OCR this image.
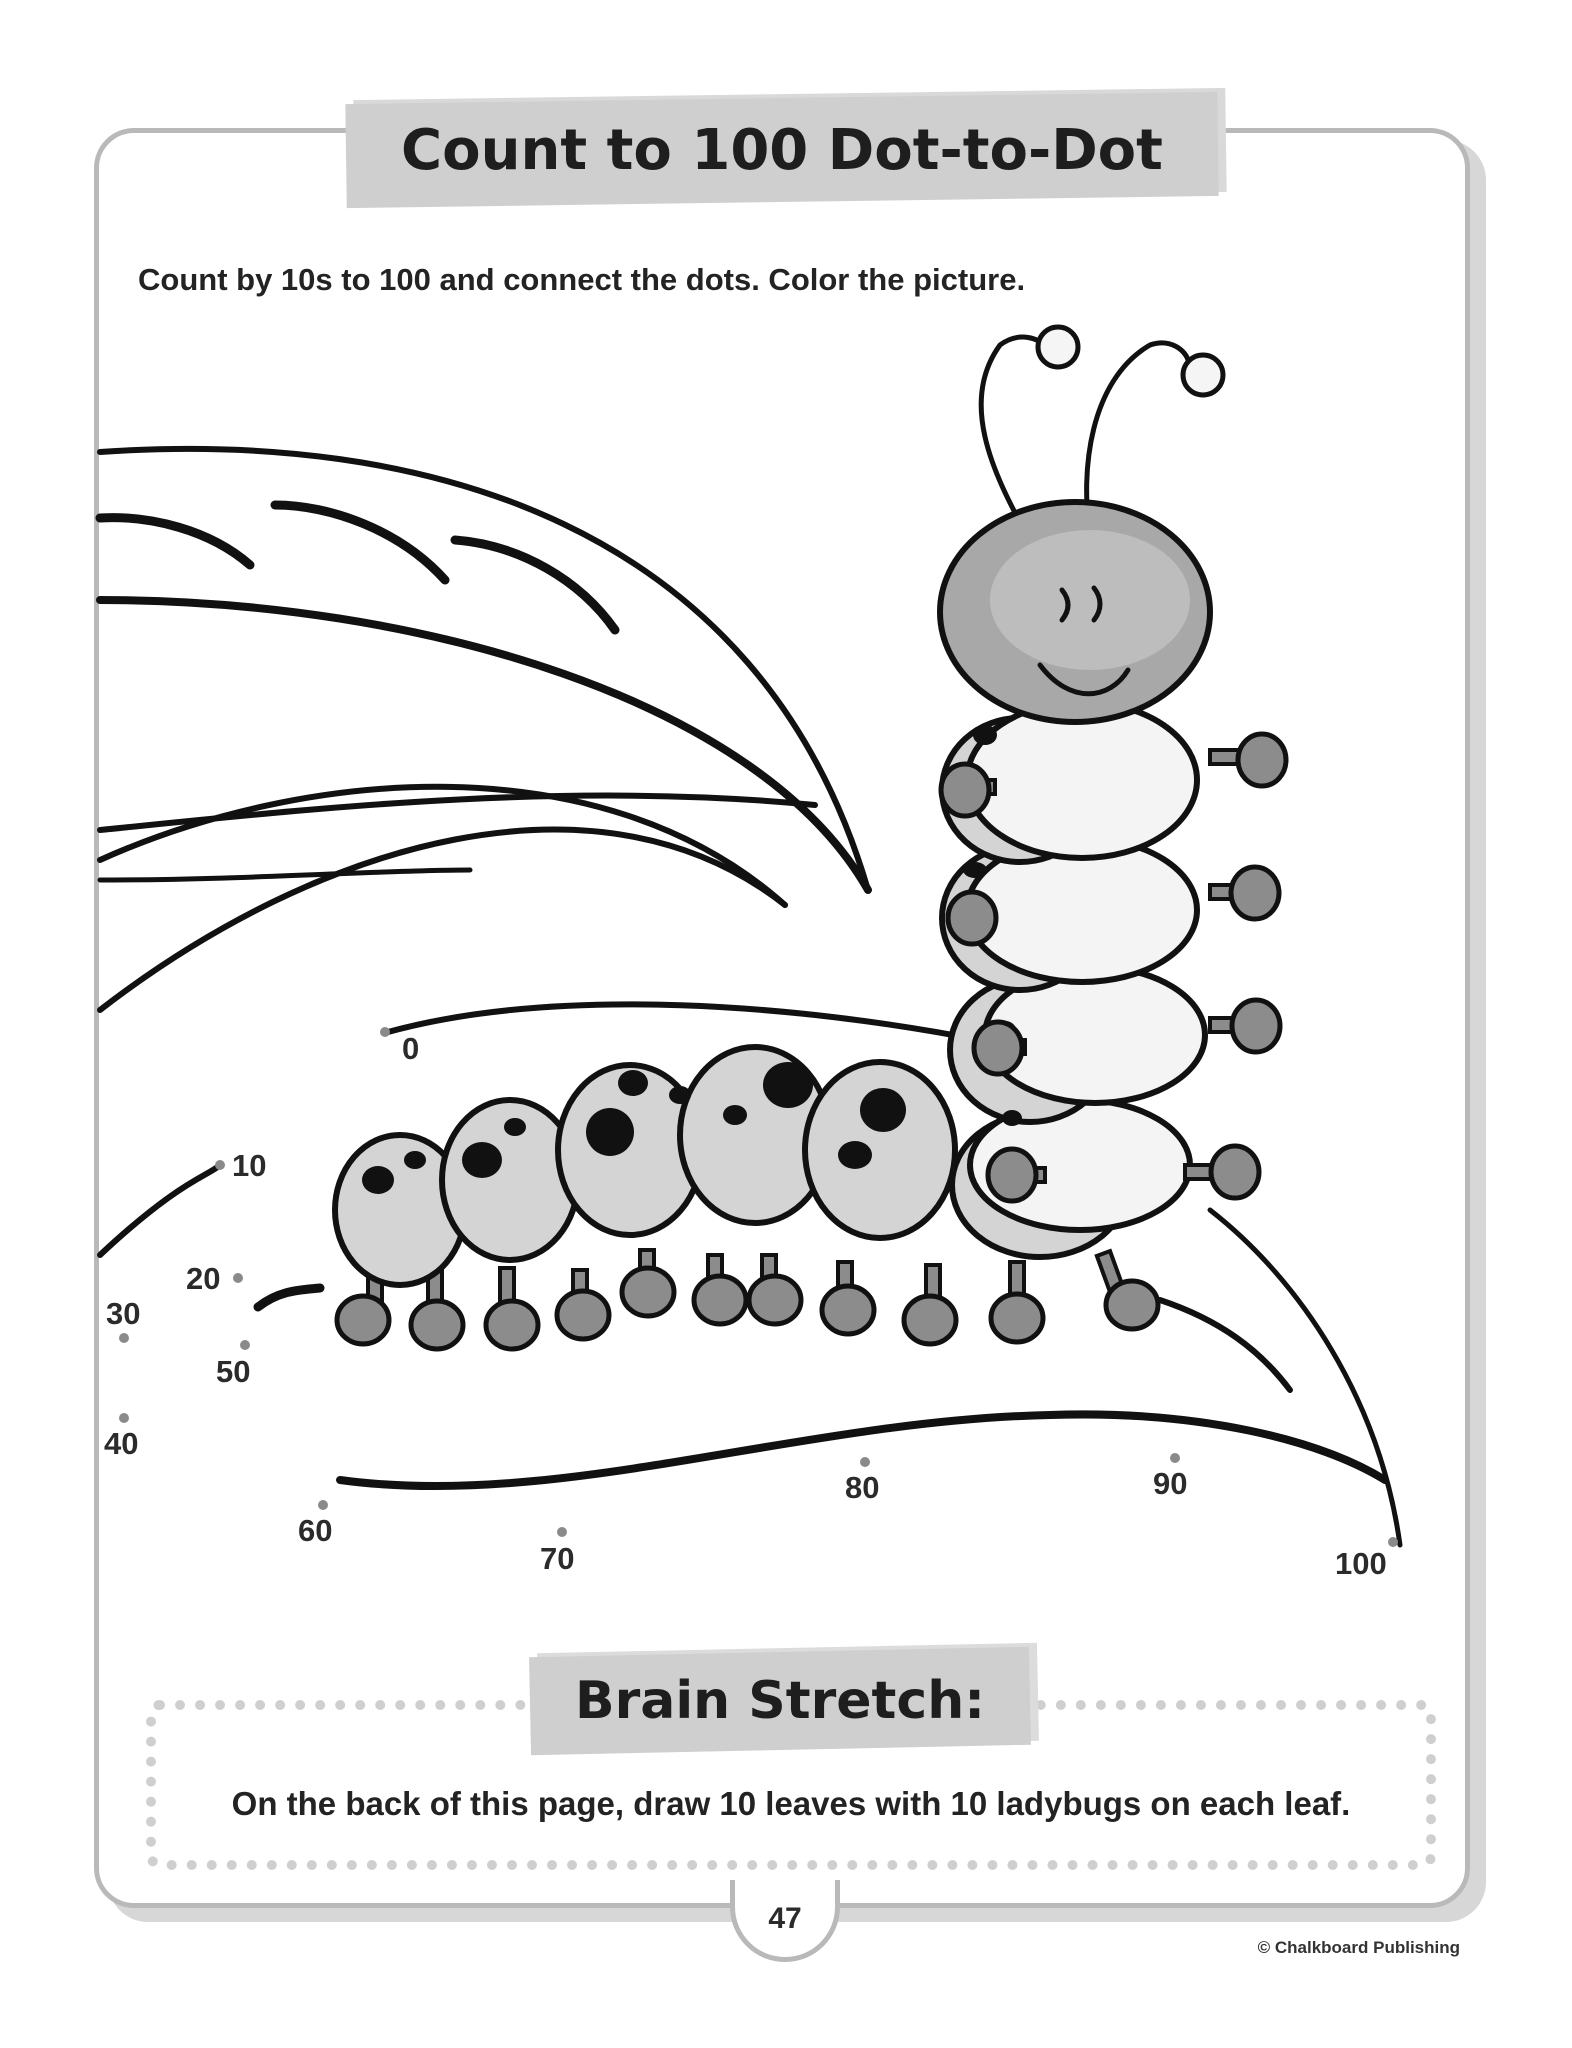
Count to 100 Dot-to-Dot
Count by 10s to 100 and connect the dots. Color the picture.
0
10
20
30
40
50
60
70
80	90
100
Brain Stretch:
On the back of this page, draw 10 leaves with 10 ladybugs on each leaf.
47
© Chalkboard Publishing
